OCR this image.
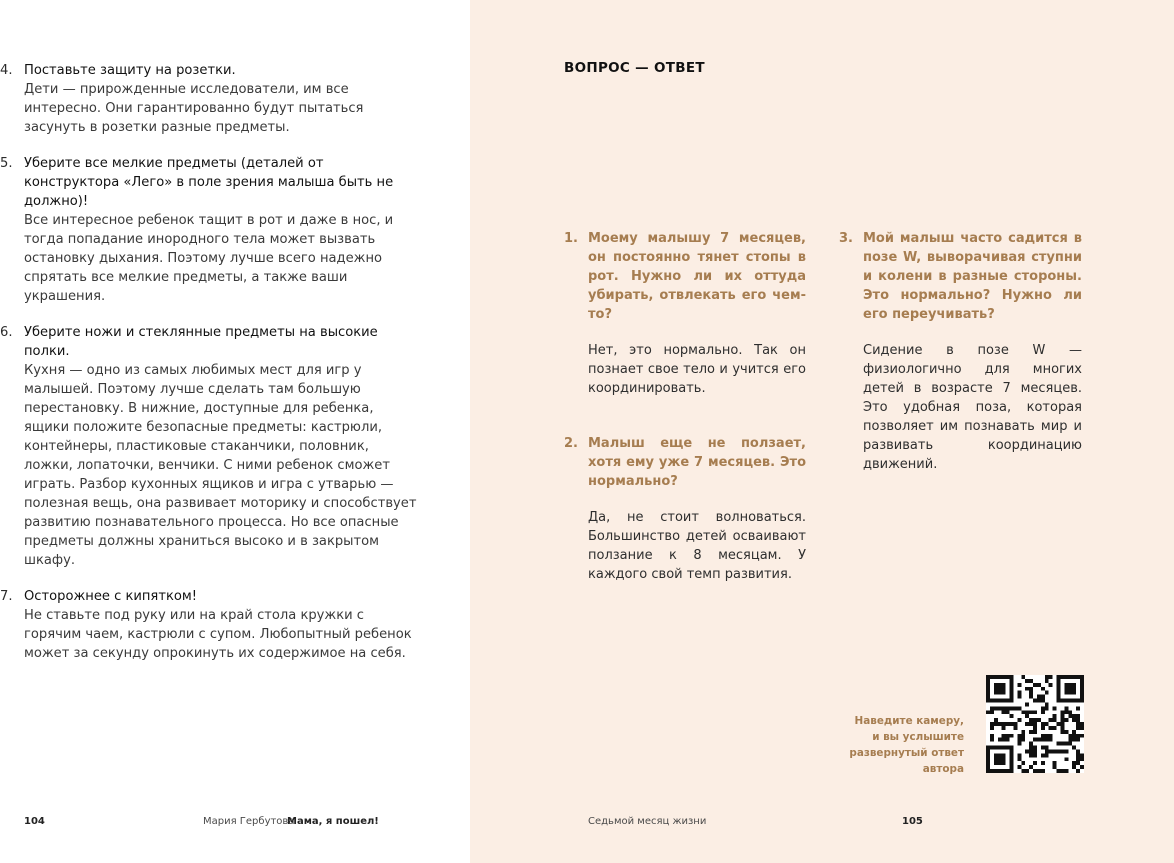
4. Поставьте защиту на розетки.
Дети — прирожденные исследователи, им все интересно. Они гарантированно будут пытаться засунуть в розетки разные предметы.
5. Уберите все мелкие предметы (деталей от конструктора «Лего» в поле зрения малыша быть не должно)!
Все интересное ребенок тащит в рот и даже в нос, и тогда попадание инородного тела может вызвать остановку дыхания. Поэтому лучше всего надежно спрятать все мелкие предметы, а также ваши украшения.
6. Уберите ножи и стеклянные предметы на высокие полки.
Кухня — одно из самых любимых мест для игр у малышей. Поэтому лучше сделать там большую перестановку. В нижние, доступные для ребенка, ящики положите безопасные предметы: кастрюли, контейнеры, пластиковые стаканчики, половник, ложки, лопаточки, венчики. С ними ребенок сможет играть. Разбор кухонных ящиков и игра с утварью — полезная вещь, она развивает моторику и способствует развитию познавательного процесса. Но все опасные предметы должны храниться высоко и в закрытом шкафу.
7. Осторожнее с кипятком!
Не ставьте под руку или на край стола кружки с горячим чаем, кастрюли с супом. Любопытный ребенок может за секунду опрокинуть их содержимое на себя.
104	Мария Гербутова
Мама, я пошел!
ВОПРОС — ОТВЕТ
1. Моему малышу 7 месяцев, он постоянно тянет стопы в рот. Нужно ли их оттуда убирать, отвлекать его чем-то?
Нет, это нормально. Так он познает свое тело и учится его координировать.
2. Малыш еще не ползает, хотя ему уже 7 месяцев. Это нормально?
Да, не стоит волноваться. Большинство детей осваивают ползание к 8 месяцам. У каждого свой темп развития.
3. Мой малыш часто садится в позе W, выворачивая ступни и колени в разные стороны. Это нормально? Нужно ли его переучивать?
Сидение в позе W — физиологично для многих детей в возрасте 7 месяцев. Это удобная поза, которая позволяет им познавать мир и развивать координацию движений.
Наведите камеру, и вы услышите развернутый ответ автора
Седьмой месяц жизни	105
